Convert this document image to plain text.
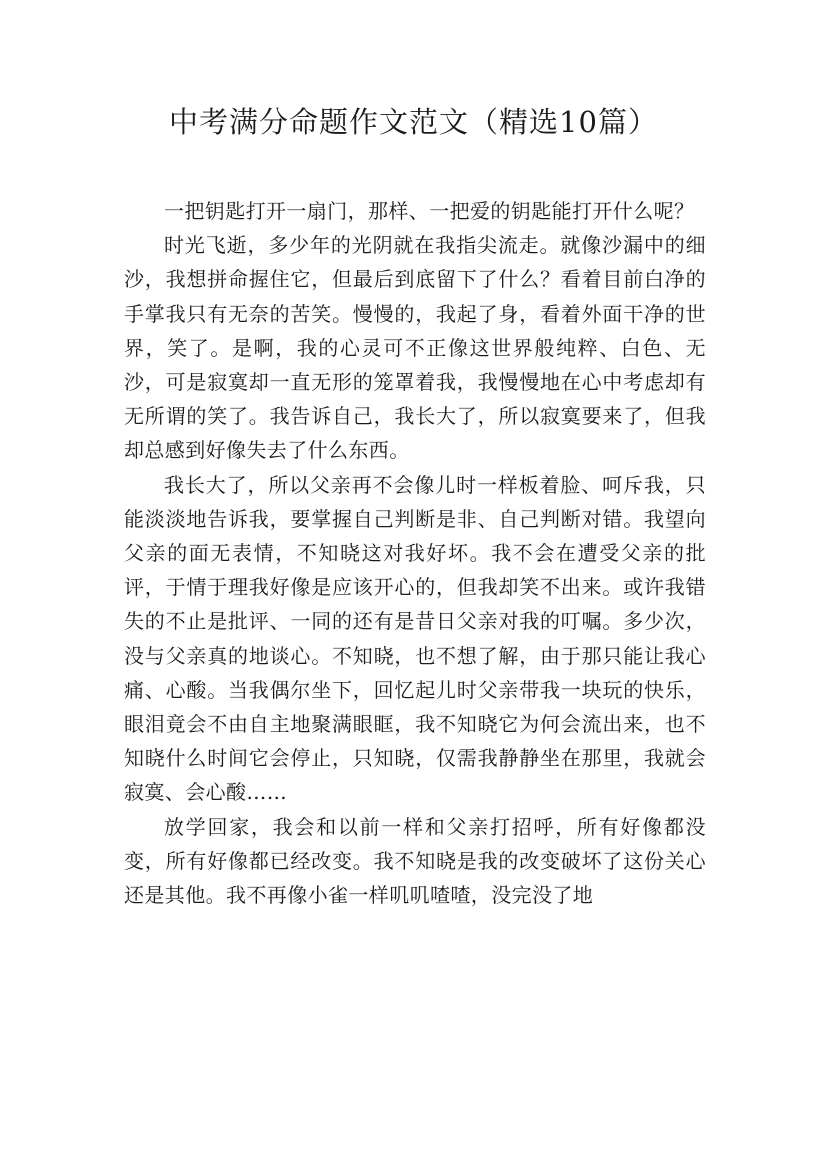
中考满分命题作文范文（精选10篇）

一把钥匙打开一扇门，那样、一把爱的钥匙能打开什么呢？

时光飞逝，多少年的光阴就在我指尖流走。就像沙漏中的细沙，我想拼命握住它，但最后到底留下了什么？看着目前白净的手掌我只有无奈的苦笑。慢慢的，我起了身，看着外面干净的世界，笑了。是啊，我的心灵可不正像这世界般纯粹、白色、无沙，可是寂寞却一直无形的笼罩着我，我慢慢地在心中考虑却有无所谓的笑了。我告诉自己，我长大了，所以寂寞要来了，但我却总感到好像失去了什么东西。

我长大了，所以父亲再不会像儿时一样板着脸、呵斥我，只能淡淡地告诉我，要掌握自己判断是非、自己判断对错。我望向父亲的面无表情，不知晓这对我好坏。我不会在遭受父亲的批评，于情于理我好像是应该开心的，但我却笑不出来。或许我错失的不止是批评、一同的还有是昔日父亲对我的叮嘱。多少次，没与父亲真的地谈心。不知晓，也不想了解，由于那只能让我心痛、心酸。当我偶尔坐下，回忆起儿时父亲带我一块玩的快乐，眼泪竟会不由自主地聚满眼眶，我不知晓它为何会流出来，也不知晓什么时间它会停止，只知晓，仅需我静静坐在那里，我就会寂寞、会心酸……

放学回家，我会和以前一样和父亲打招呼，所有好像都没变，所有好像都已经改变。我不知晓是我的改变破坏了这份关心还是其他。我不再像小雀一样叽叽喳喳，没完没了地
